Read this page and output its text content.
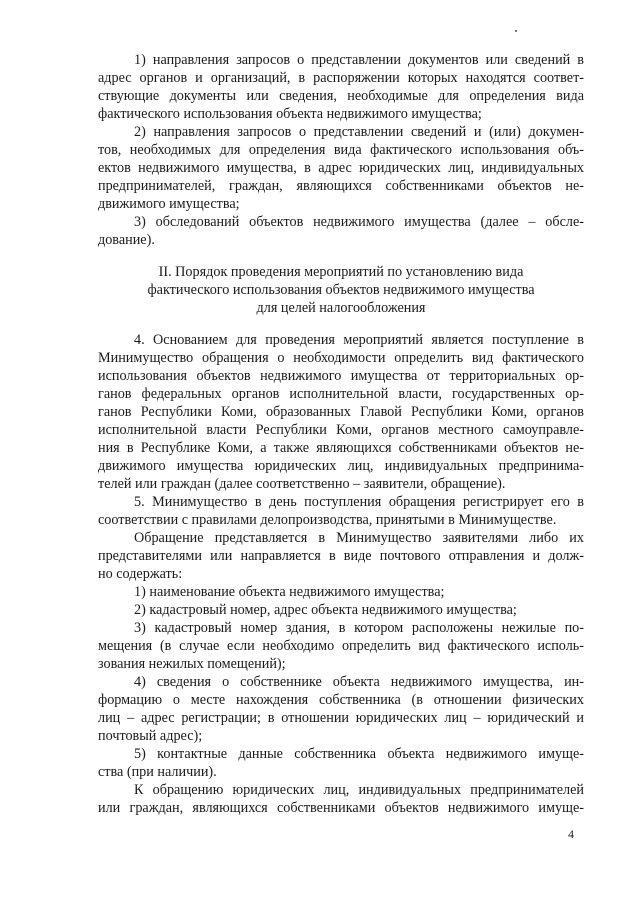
1) направления запросов о представлении документов или сведений в
адрес органов и организаций, в распоряжении которых находятся соответ-
ствующие документы или сведения, необходимые для определения вида
фактического использования объекта недвижимого имущества;
2) направления запросов о представлении сведений и (или) докумен-
тов, необходимых для определения вида фактического использования объ-
ектов недвижимого имущества, в адрес юридических лиц, индивидуальных
предпринимателей, граждан, являющихся собственниками объектов не-
движимого имущества;
3) обследований объектов недвижимого имущества (далее – обсле-
дование).
II. Порядок проведения мероприятий по установлению вида
фактического использования объектов недвижимого имущества
для целей налогообложения
4. Основанием для проведения мероприятий является поступление в
Минимущество обращения о необходимости определить вид фактического
использования объектов недвижимого имущества от территориальных ор-
ганов федеральных органов исполнительной власти, государственных ор-
ганов Республики Коми, образованных Главой Республики Коми, органов
исполнительной власти Республики Коми, органов местного самоуправле-
ния в Республике Коми, а также являющихся собственниками объектов не-
движимого имущества юридических лиц, индивидуальных предпринима-
телей или граждан (далее соответственно – заявители, обращение).
5. Минимущество в день поступления обращения регистрирует его в
соответствии с правилами делопроизводства, принятыми в Минимуществе.
Обращение представляется в Минимущество заявителями либо их
представителями или направляется в виде почтового отправления и долж-
но содержать:
1) наименование объекта недвижимого имущества;
2) кадастровый номер, адрес объекта недвижимого имущества;
3) кадастровый номер здания, в котором расположены нежилые по-
мещения (в случае если необходимо определить вид фактического исполь-
зования нежилых помещений);
4) сведения о собственнике объекта недвижимого имущества, ин-
формацию о месте нахождения собственника (в отношении физических
лиц – адрес регистрации; в отношении юридических лиц – юридический и
почтовый адрес);
5) контактные данные собственника объекта недвижимого имуще-
ства (при наличии).
К обращению юридических лиц, индивидуальных предпринимателей
или граждан, являющихся собственниками объектов недвижимого имуще-
4
